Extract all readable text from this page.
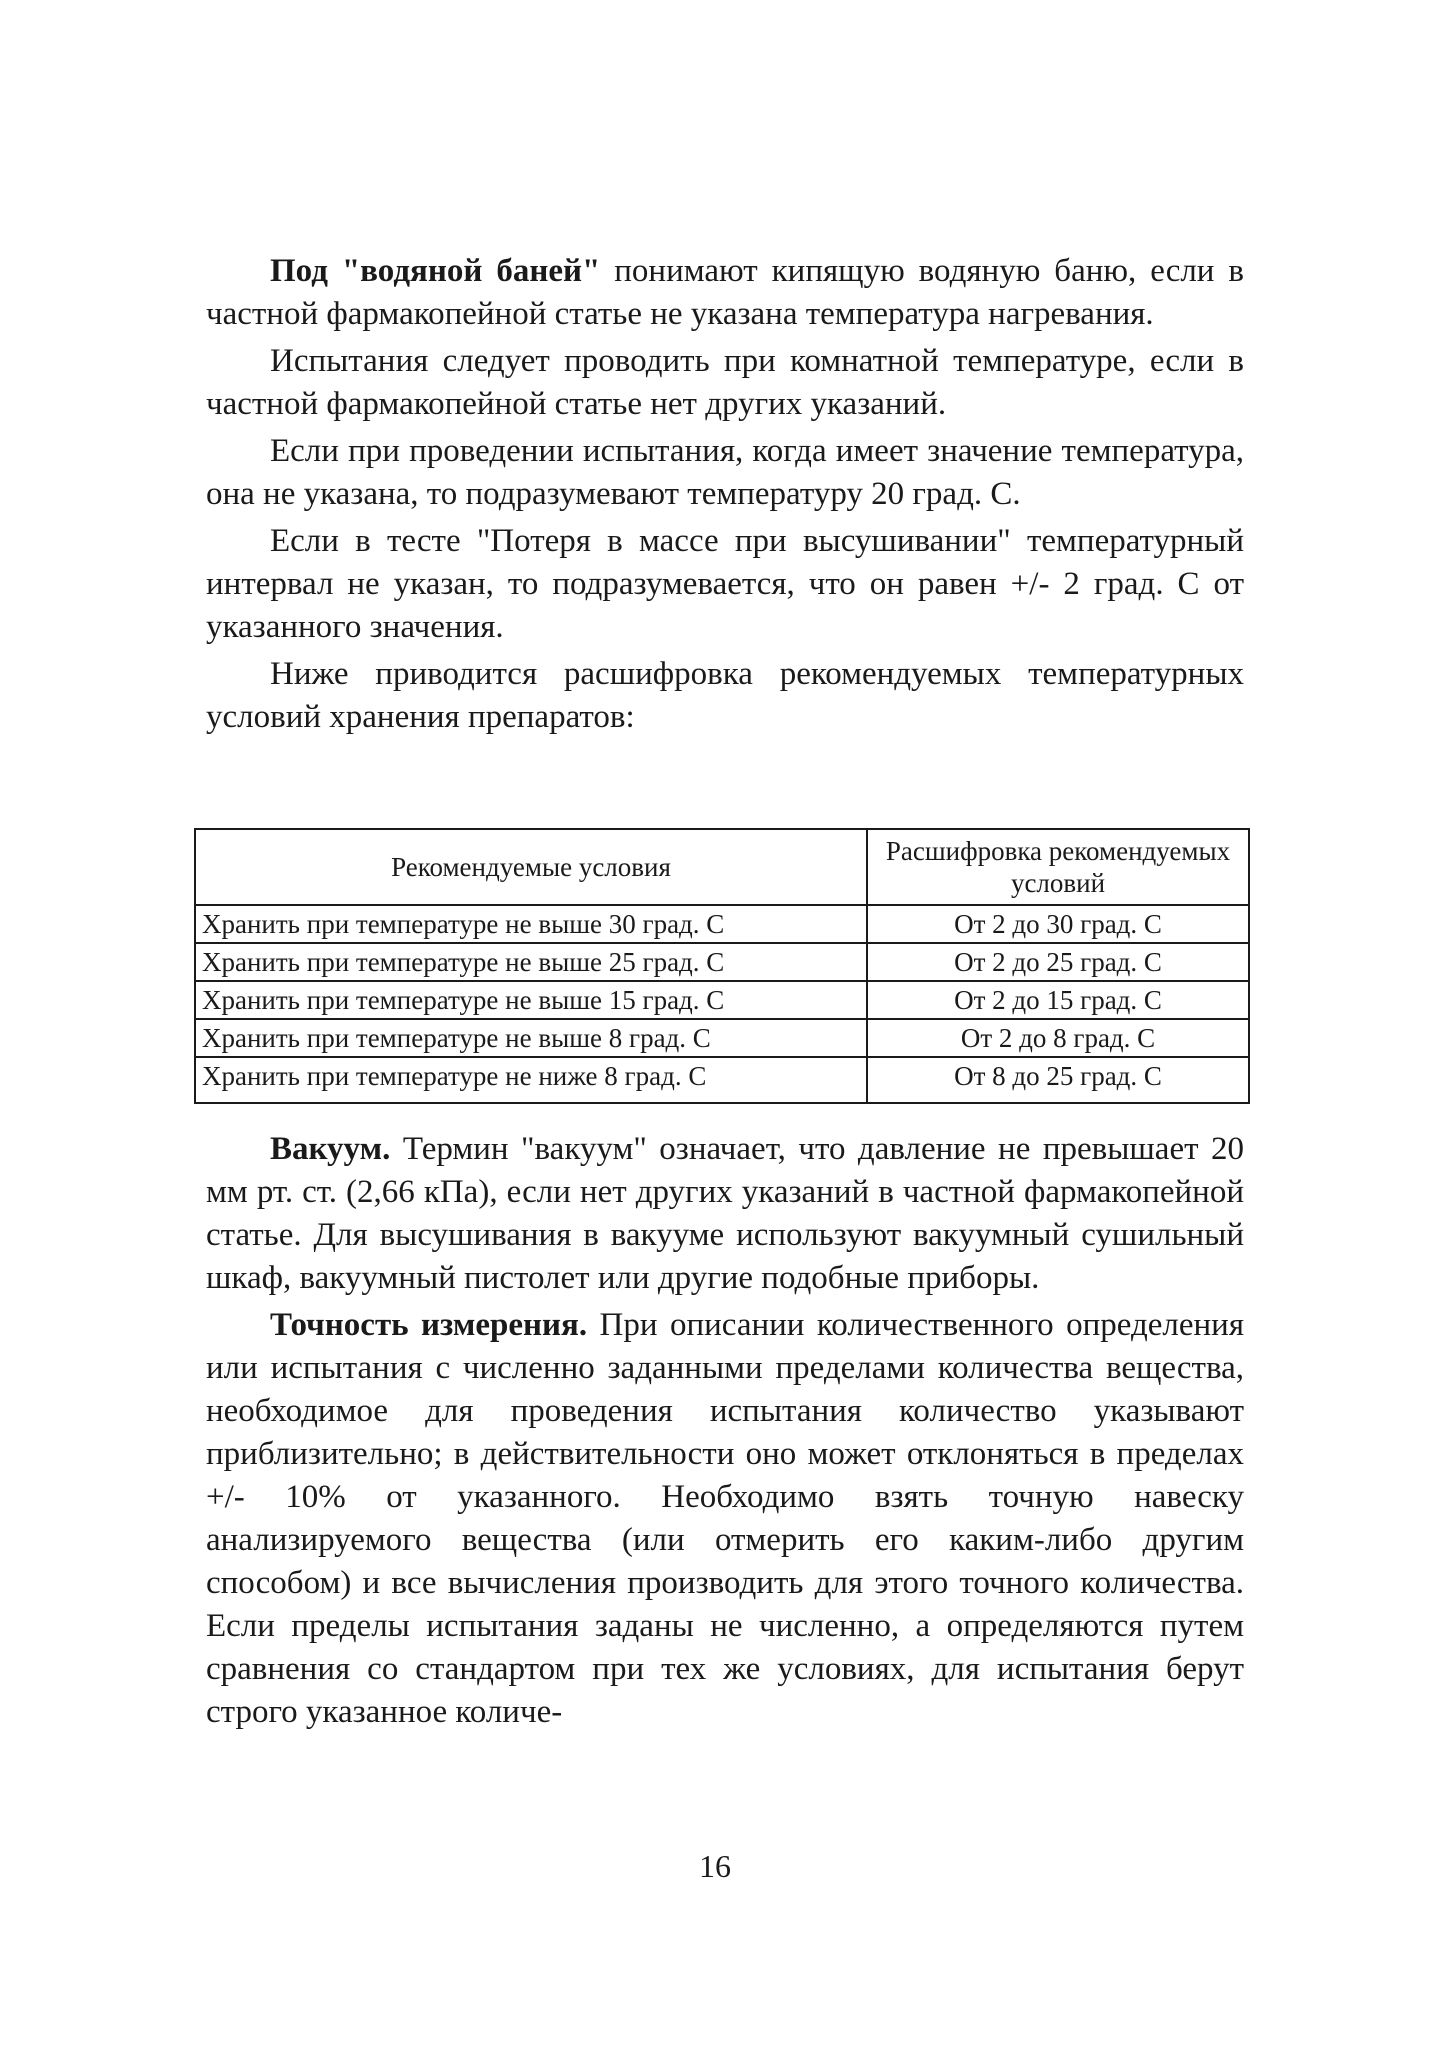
Под "водяной баней" понимают кипящую водяную баню, если в частной фармакопейной статье не указана температура нагревания.

Испытания следует проводить при комнатной температуре, если в частной фармакопейной статье нет других указаний.

Если при проведении испытания, когда имеет значение температура, она не указана, то подразумевают температуру 20 град. С.

Если в тесте "Потеря в массе при высушивании" температурный интервал не указан, то подразумевается, что он равен +/- 2 град. С от указанного значения.

Ниже приводится расшифровка рекомендуемых температурных условий хранения препаратов:

Рекомендуемые условия	Расшифровка рекомендуемых условий
Хранить при температуре не выше 30 град. С	От 2 до 30 град. С
Хранить при температуре не выше 25 град. С	От 2 до 25 град. С
Хранить при температуре не выше 15 град. С	От 2 до 15 град. С
Хранить при температуре не выше 8 град. С	От 2 до 8 град. С
Хранить при температуре не ниже 8 град. С	От 8 до 25 град. С

Вакуум. Термин "вакуум" означает, что давление не превышает 20 мм рт. ст. (2,66 кПа), если нет других указаний в частной фармакопейной статье. Для высушивания в вакууме используют вакуумный сушильный шкаф, вакуумный пистолет или другие подобные приборы.

Точность измерения. При описании количественного определения или испытания с численно заданными пределами количества вещества, необходимое для проведения испытания количество указывают приблизительно; в действительности оно может отклоняться в пределах +/- 10% от указанного. Необходимо взять точную навеску анализируемого вещества (или отмерить его каким-либо другим способом) и все вычисления производить для этого точного количества. Если пределы испытания заданы не численно, а определяются путем сравнения со стандартом при тех же условиях, для испытания берут строго указанное количе-

16
